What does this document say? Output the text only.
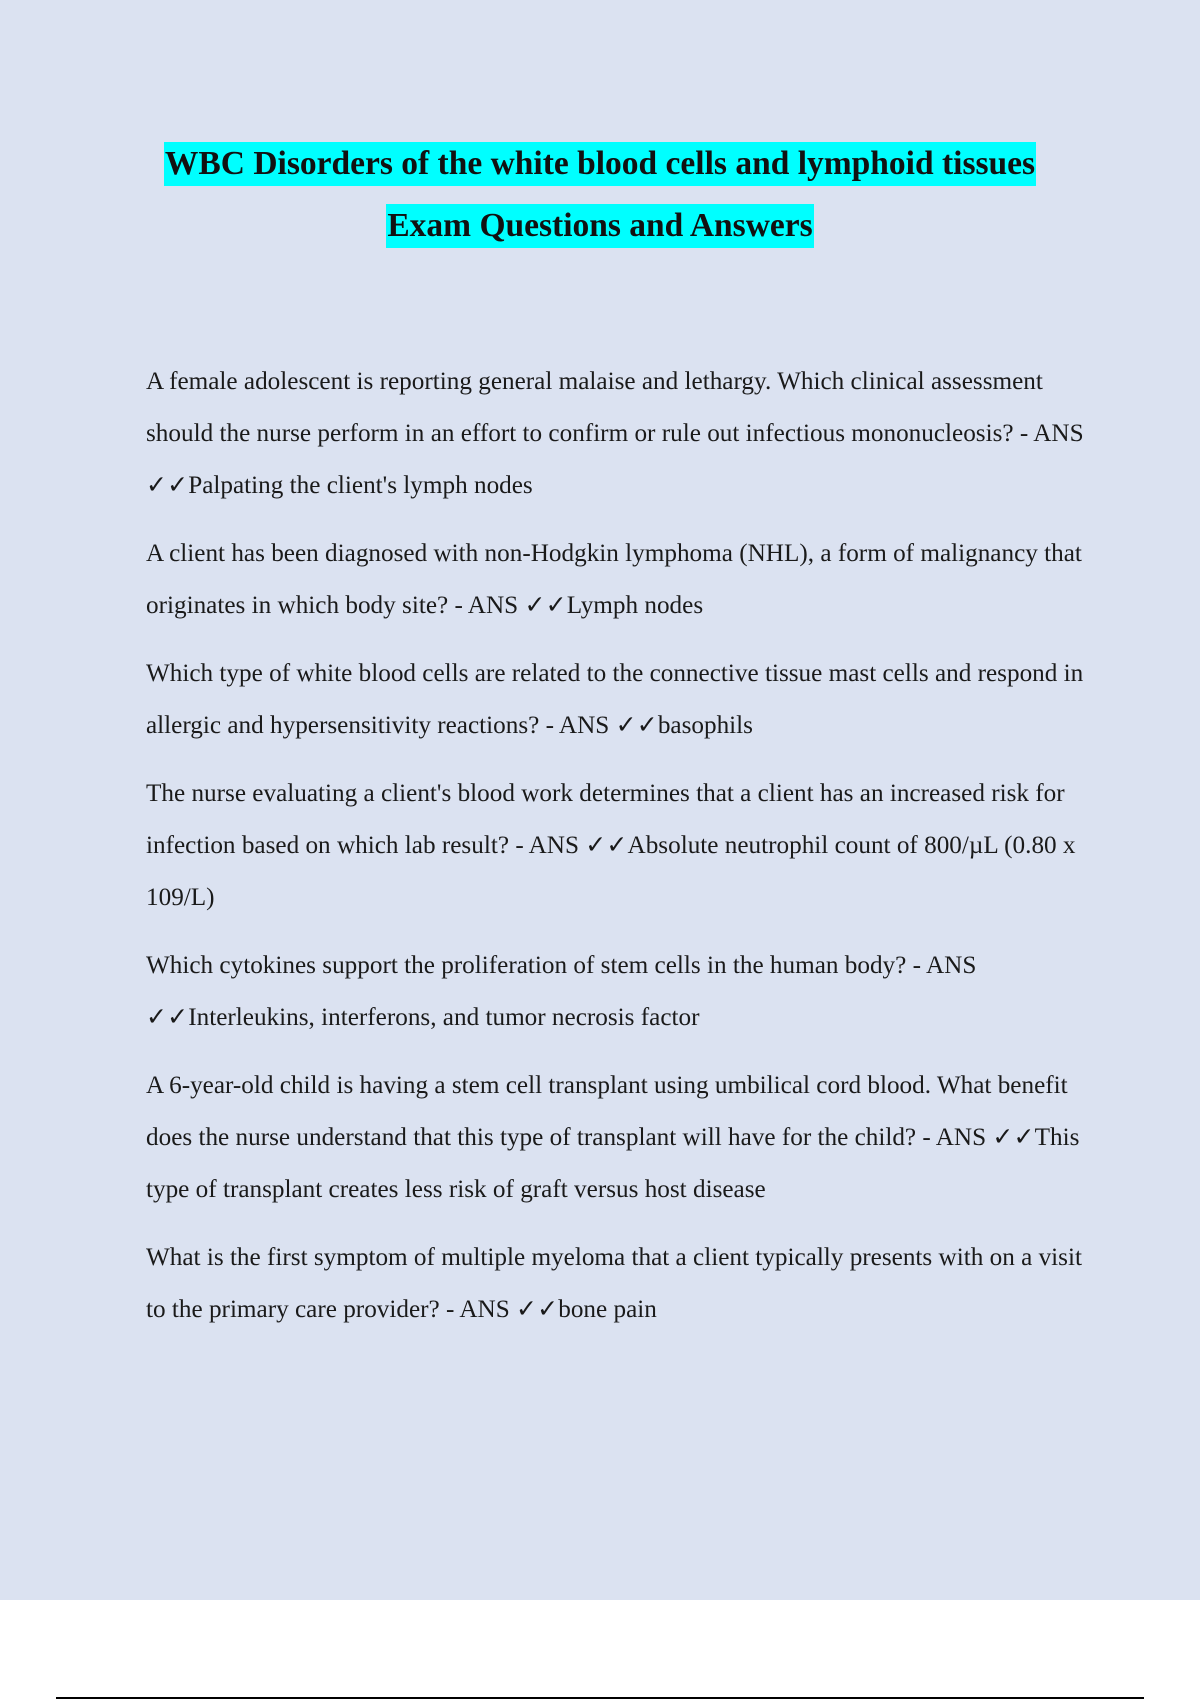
WBC Disorders of the white blood cells and lymphoid tissues
Exam Questions and Answers

A female adolescent is reporting general malaise and lethargy. Which clinical assessment should the nurse perform in an effort to confirm or rule out infectious mononucleosis? - ANS ✓✓Palpating the client's lymph nodes

A client has been diagnosed with non-Hodgkin lymphoma (NHL), a form of malignancy that originates in which body site? - ANS ✓✓Lymph nodes

Which type of white blood cells are related to the connective tissue mast cells and respond in allergic and hypersensitivity reactions? - ANS ✓✓basophils

The nurse evaluating a client's blood work determines that a client has an increased risk for infection based on which lab result? - ANS ✓✓Absolute neutrophil count of 800/µL (0.80 x 109/L)

Which cytokines support the proliferation of stem cells in the human body? - ANS ✓✓Interleukins, interferons, and tumor necrosis factor

A 6-year-old child is having a stem cell transplant using umbilical cord blood. What benefit does the nurse understand that this type of transplant will have for the child? - ANS ✓✓This type of transplant creates less risk of graft versus host disease

What is the first symptom of multiple myeloma that a client typically presents with on a visit to the primary care provider? - ANS ✓✓bone pain
